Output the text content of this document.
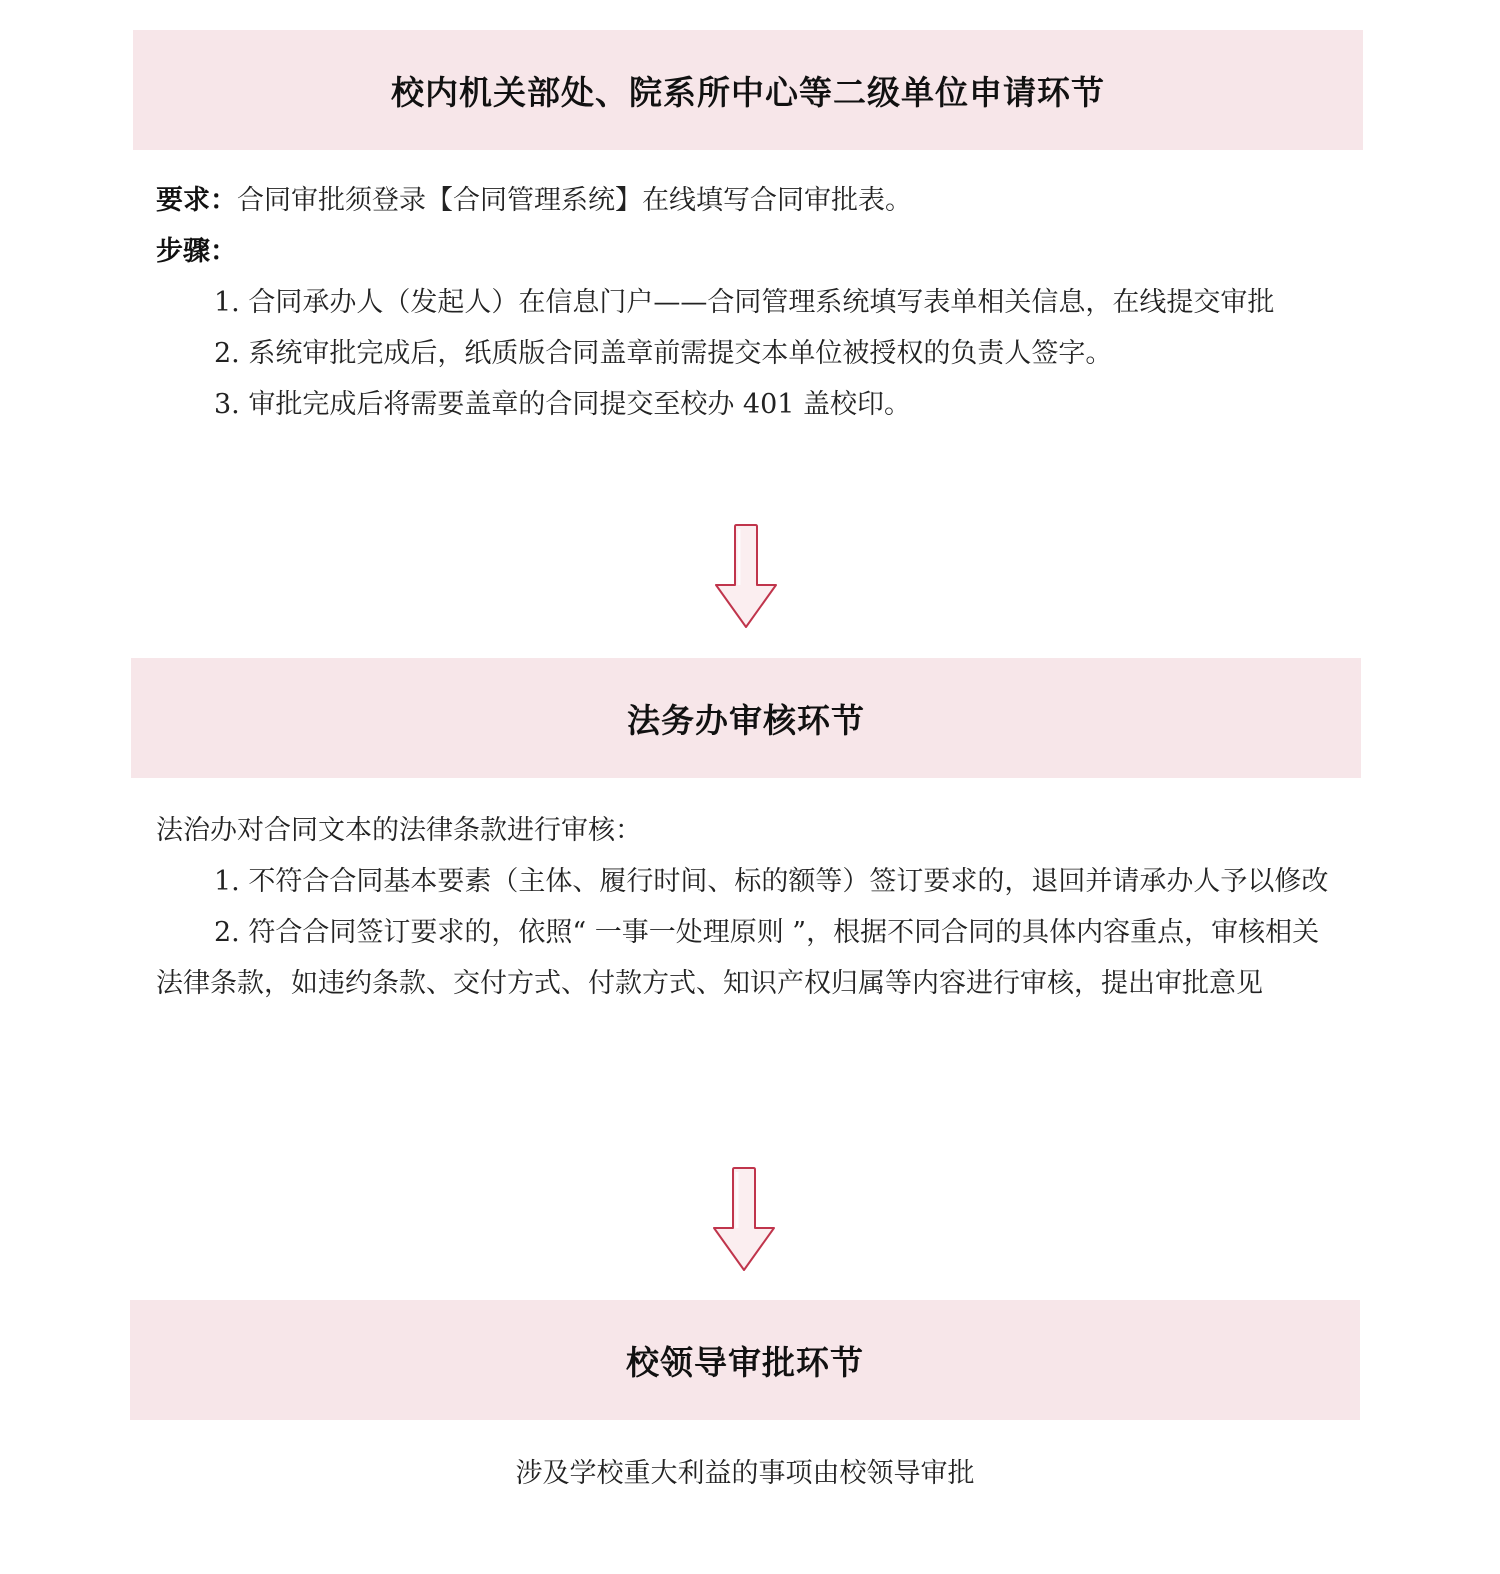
校内机关部处、院系所中心等二级单位申请环节

要求：合同审批须登录【合同管理系统】在线填写合同审批表。

步骤：

1. 合同承办人（发起人）在信息门户——合同管理系统填写表单相关信息，在线提交审批

2. 系统审批完成后，纸质版合同盖章前需提交本单位被授权的负责人签字。

3. 审批完成后将需要盖章的合同提交至校办 401 盖校印。

法务办审核环节

法治办对合同文本的法律条款进行审核：

1. 不符合合同基本要素（主体、履行时间、标的额等）签订要求的，退回并请承办人予以修改

2. 符合合同签订要求的，依照“ 一事一处理原则 ”，根据不同合同的具体内容重点，审核相关法律条款，如违约条款、交付方式、付款方式、知识产权归属等内容进行审核，提出审批意见

校领导审批环节
涉及学校重大利益的事项由校领导审批
